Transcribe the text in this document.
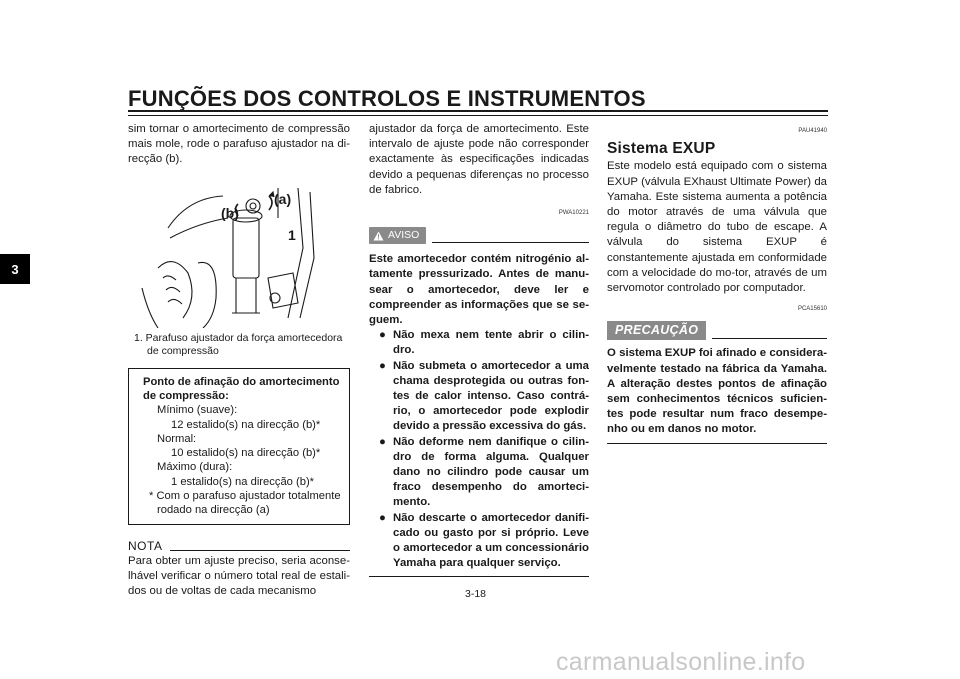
FUNÇÕES DOS CONTROLOS E INSTRUMENTOS
3

sim tornar o amortecimento de compressão mais mole, rode o parafuso ajustador na di-recção (b).

(a)
(b)
1

1. Parafuso ajustador da força amortecedora
de compressão

Ponto de afinação do amortecimento
de compressão:
Mínimo (suave):
12 estalido(s) na direcção (b)*
Normal:
10 estalido(s) na direcção (b)*
Máximo (dura):
1 estalido(s) na direcção (b)*
* Com o parafuso ajustador totalmente
rodado na direcção (a)
NOTA

Para obter um ajuste preciso, seria aconse-lhável verificar o número total real de estali-dos ou de voltas de cada mecanismo

ajustador da força de amortecimento. Este intervalo de ajuste pode não corresponder exactamente às especificações indicadas devido a pequenas diferenças no processo de fabrico.

PWA10221
AVISO

Este amortecedor contém nitrogénio al-tamente pressurizado. Antes de manu-sear o amortecedor, deve ler e compreender as informações que se se-guem.

● Não mexa nem tente abrir o cilin-dro.
● Não submeta o amortecedor a uma chama desprotegida ou outras fon-tes de calor intenso. Caso contrá-rio, o amortecedor pode explodir devido a pressão excessiva do gás.
● Não deforme nem danifique o cilin-dro de forma alguma. Qualquer dano no cilindro pode causar um fraco desempenho do amorteci-mento.
● Não descarte o amortecedor danifi-cado ou gasto por si próprio. Leve o amortecedor a um concessionário Yamaha para qualquer serviço.
PAU41940
Sistema EXUP

Este modelo está equipado com o sistema EXUP (válvula EXhaust Ultimate Power) da Yamaha. Este sistema aumenta a potência do motor através de uma válvula que regula o diâmetro do tubo de escape. A válvula do sistema EXUP é constantemente ajustada em conformidade com a velocidade do mo-tor, através de um servomotor controlado por computador.

PCA15610
PRECAUÇÃO

O sistema EXUP foi afinado e considera-velmente testado na fábrica da Yamaha. A alteração destes pontos de afinação sem conhecimentos técnicos suficien-tes pode resultar num fraco desempe-nho ou em danos no motor.

3-18
carmanualsonline.info
